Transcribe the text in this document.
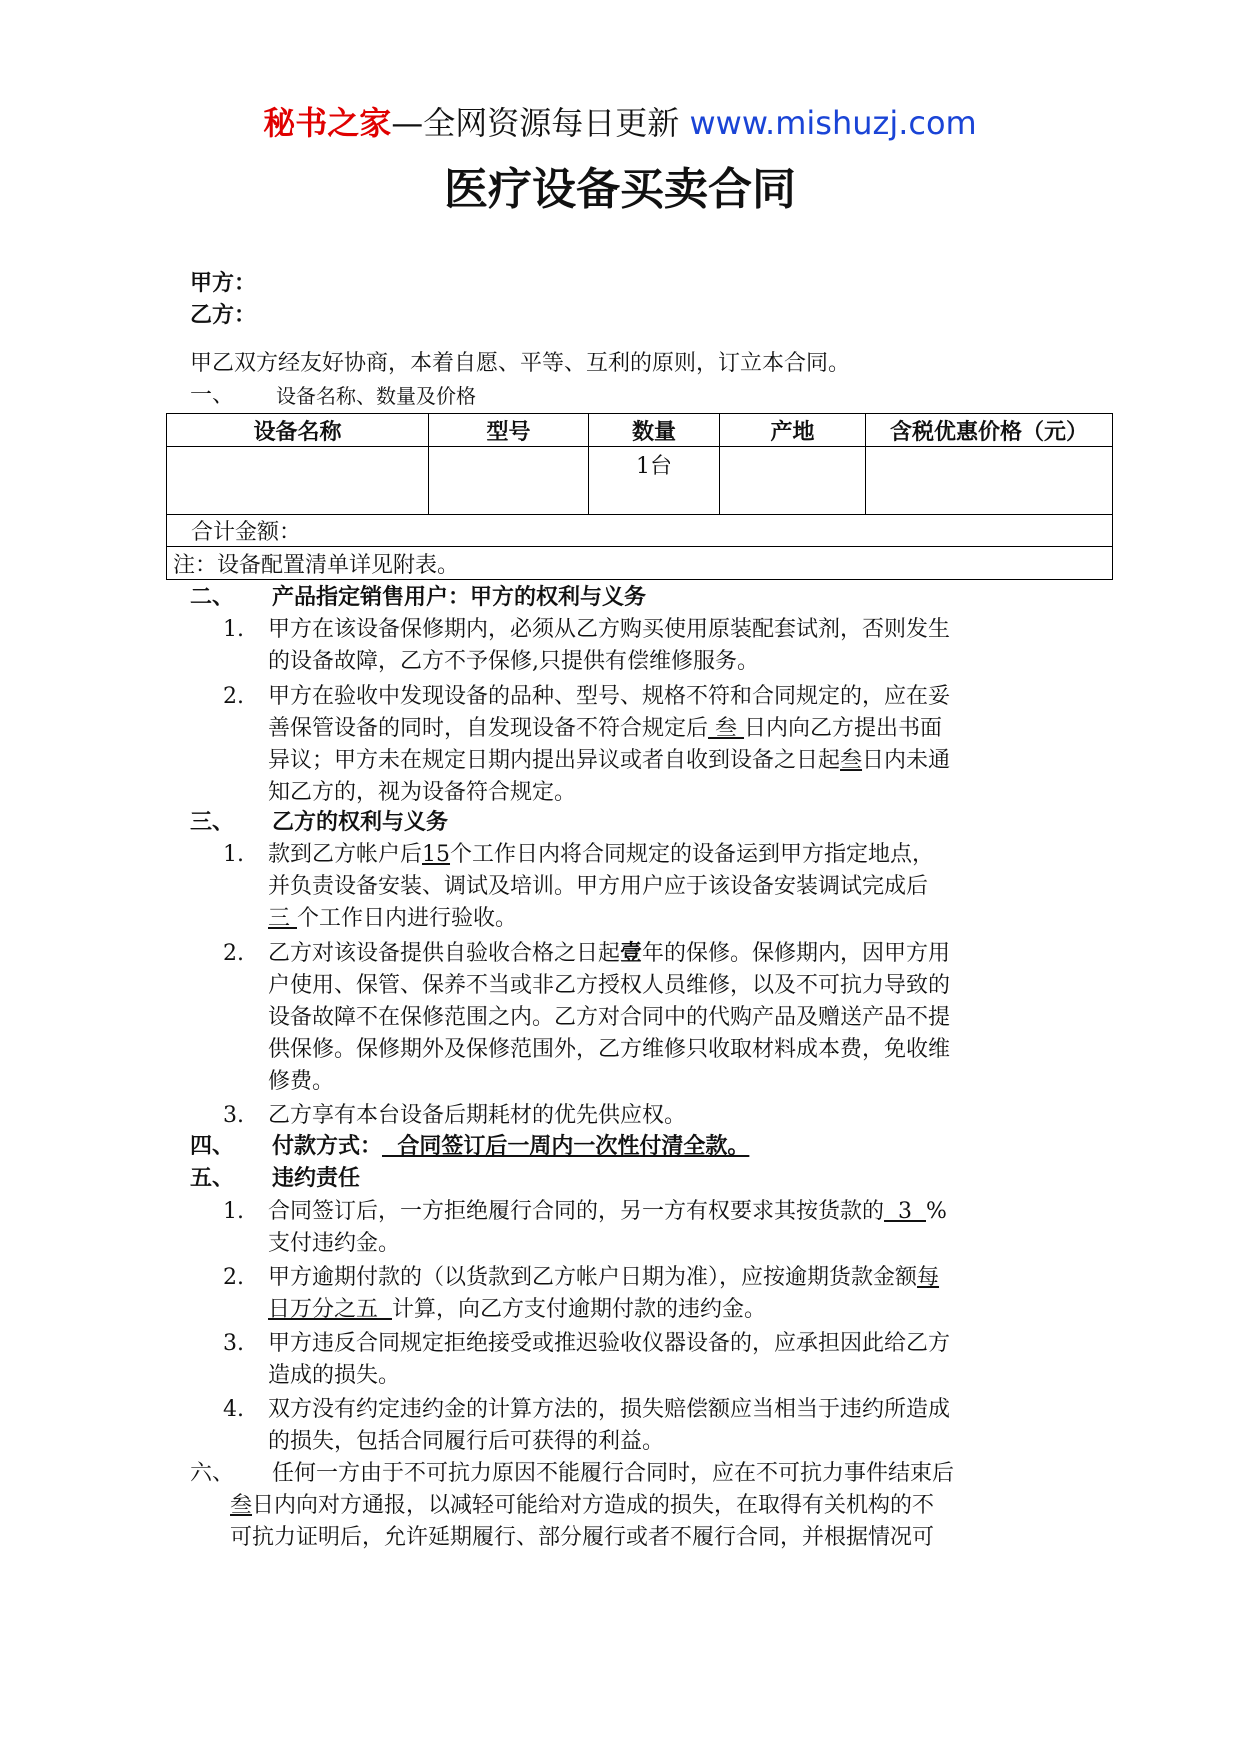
秘书之家—全网资源每日更新 www.mishuzj.com
医疗设备买卖合同
甲方：
乙方：
甲乙双方经友好协商，本着自愿、平等、互利的原则，订立本合同。
一、 设备名称、数量及价格
设备名称	型号	数量	产地	含税优惠价格（元）
		1台		
合计金额：				
注：设备配置清单详见附表。				
二、 产品指定销售用户：甲方的权利与义务
1. 甲方在该设备保修期内，必须从乙方购买使用原装配套试剂，否则发生
的设备故障，乙方不予保修,只提供有偿维修服务。
2. 甲方在验收中发现设备的品种、型号、规格不符和合同规定的，应在妥
善保管设备的同时，自发现设备不符合规定后 叁 日内向乙方提出书面
异议；甲方未在规定日期内提出异议或者自收到设备之日起叁日内未通
知乙方的，视为设备符合规定。
三、 乙方的权利与义务
1. 款到乙方帐户后15个工作日内将合同规定的设备运到甲方指定地点，
并负责设备安装、调试及培训。甲方用户应于该设备安装调试完成后
三 个工作日内进行验收。
2. 乙方对该设备提供自验收合格之日起壹年的保修。保修期内，因甲方用
户使用、保管、保养不当或非乙方授权人员维修，以及不可抗力导致的
设备故障不在保修范围之内。乙方对合同中的代购产品及赠送产品不提
供保修。保修期外及保修范围外，乙方维修只收取材料成本费，免收维
修费。
3. 乙方享有本台设备后期耗材的优先供应权。
四、 付款方式：  合同签订后一周内一次性付清全款。
五、 违约责任
1. 合同签订后，一方拒绝履行合同的，另一方有权要求其按货款的  3  %
支付违约金。
2. 甲方逾期付款的（以货款到乙方帐户日期为准），应按逾期货款金额每
日万分之五  计算，向乙方支付逾期付款的违约金。
3. 甲方违反合同规定拒绝接受或推迟验收仪器设备的，应承担因此给乙方
造成的损失。
4. 双方没有约定违约金的计算方法的，损失赔偿额应当相当于违约所造成
的损失，包括合同履行后可获得的利益。
六、 任何一方由于不可抗力原因不能履行合同时，应在不可抗力事件结束后
叁日内向对方通报，以减轻可能给对方造成的损失，在取得有关机构的不
可抗力证明后，允许延期履行、部分履行或者不履行合同，并根据情况可
